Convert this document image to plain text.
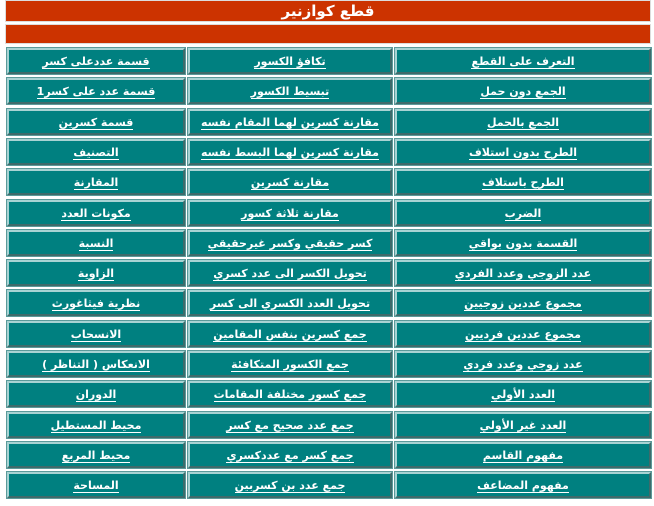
قطع كوازنير
التعرف على القطع
تكافؤ الكسور
قسمة عددعلى كسر
الجمع دون حمل
تبسيط الكسور
قسمة عدد على كسر1
الجمع بالحمل
مقارنة كسرين لهما المقام نفسه
قسمة كسرين
الطرح بدون استلاف
مقارنة كسرين لهما البسط نفسه
التصنيف
الطرح باستلاف
مقارنة كسرين
المقارنة
الضرب
مقارنة ثلاثة كسور
مكونات العدد
القسمة بدون بواقي
كسر حقيقي وكسر غيرحقيقي
النسبة
عدد الزوجي وعدد الفردي
تحويل الكسر الى عدد كسري
الزاوية
مجموع عددين زوجيين
تحويل العدد الكسري الى كسر
نظرية فيثاغورث
مجموع عددين فرديين
جمع كسرين بنفس المقامين
الانسحاب
عدد زوجي وعدد فردي
جمع الكسور المتكافئة
الانعكاس ( التناظر )
العدد الأولي
جمع كسور مختلفة المقامات
الدوران
العدد غير الأولي
جمع عدد صحيح مع كسر
محيط المستطيل
مفهوم القاسم
جمع كسر مع عددكسري
محيط المربع
مفهوم المضاعف
جمع عدد بن كسربين
المساحة
